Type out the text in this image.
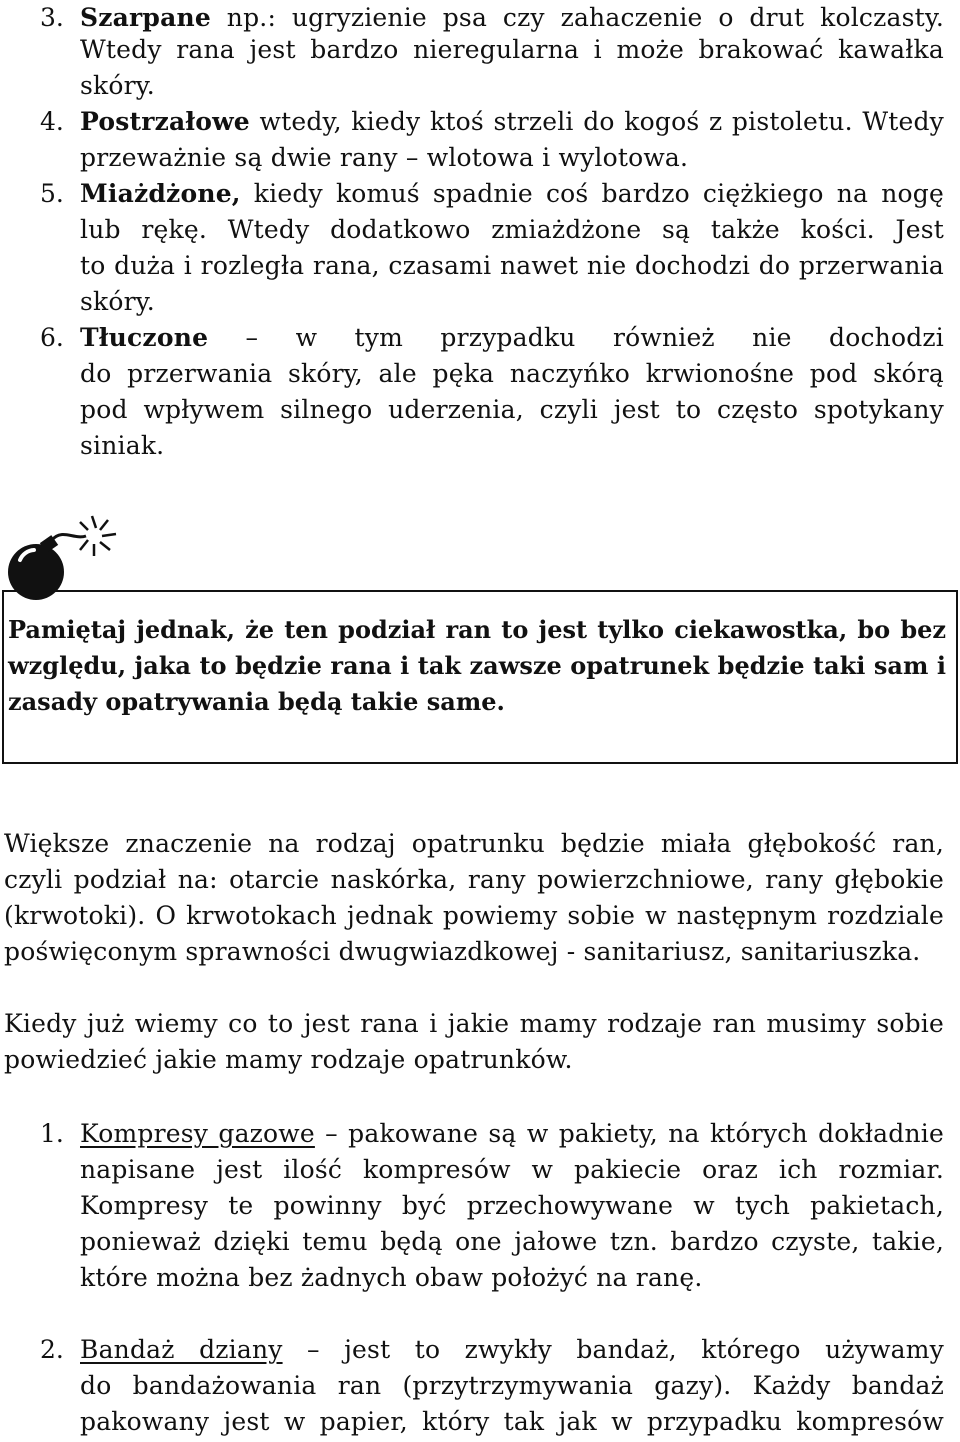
3. Szarpane np.: ugryzienie psa czy zahaczenie o drut kolczasty.
Wtedy rana jest bardzo nieregularna i może brakować kawałka
skóry.
4. Postrzałowe wtedy, kiedy ktoś strzeli do kogoś z pistoletu. Wtedy
przeważnie są dwie rany – wlotowa i wylotowa.
5. Miażdżone, kiedy komuś spadnie coś bardzo ciężkiego na nogę
lub rękę. Wtedy dodatkowo zmiażdżone są także kości. Jest
to duża i rozległa rana, czasami nawet nie dochodzi do przerwania
skóry.
6. Tłuczone – w tym przypadku również nie dochodzi
do przerwania skóry, ale pęka naczyńko krwionośne pod skórą
pod wpływem silnego uderzenia, czyli jest to często spotykany
siniak.
Pamiętaj jednak, że ten podział ran to jest tylko ciekawostka, bo bez
względu, jaka to będzie rana i tak zawsze opatrunek będzie taki sam i
zasady opatrywania będą takie same.
Większe znaczenie na rodzaj opatrunku będzie miała głębokość ran,
czyli podział na: otarcie naskórka, rany powierzchniowe, rany głębokie
(krwotoki). O krwotokach jednak powiemy sobie w następnym rozdziale
poświęconym sprawności dwugwiazdkowej - sanitariusz, sanitariuszka.
Kiedy już wiemy co to jest rana i jakie mamy rodzaje ran musimy sobie
powiedzieć jakie mamy rodzaje opatrunków.
1. Kompresy gazowe – pakowane są w pakiety, na których dokładnie
napisane jest ilość kompresów w pakiecie oraz ich rozmiar.
Kompresy te powinny być przechowywane w tych pakietach,
ponieważ dzięki temu będą one jałowe tzn. bardzo czyste, takie,
które można bez żadnych obaw położyć na ranę.
2. Bandaż dziany – jest to zwykły bandaż, którego używamy
do bandażowania ran (przytrzymywania gazy). Każdy bandaż
pakowany jest w papier, który tak jak w przypadku kompresów
